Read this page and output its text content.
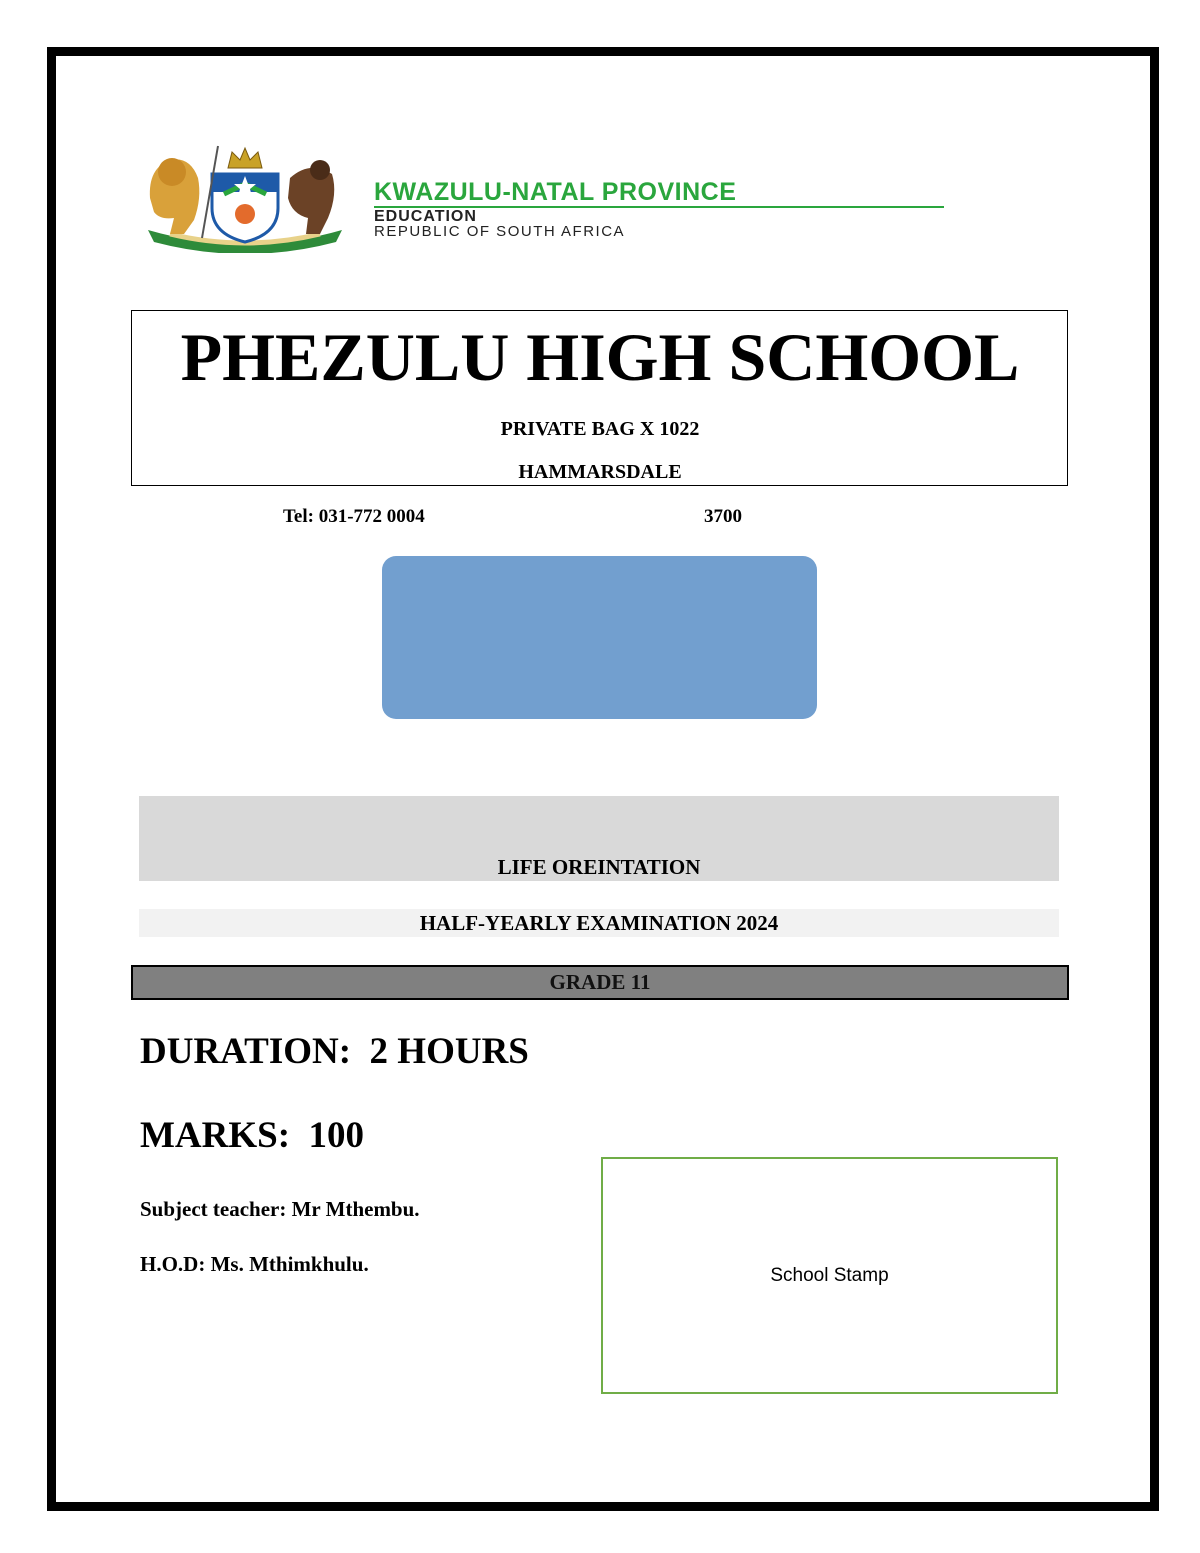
KWAZULU-NATAL PROVINCE
EDUCATION
REPUBLIC OF SOUTH AFRICA
PHEZULU HIGH SCHOOL
PRIVATE BAG X 1022
HAMMARSDALE
Tel: 031-772 0004	3700
LIFE OREINTATION
HALF-YEARLY EXAMINATION 2024
GRADE 11
DURATION:  2 HOURS
MARKS:  100
Subject teacher: Mr Mthembu.
H.O.D: Ms. Mthimkhulu.	School Stamp
